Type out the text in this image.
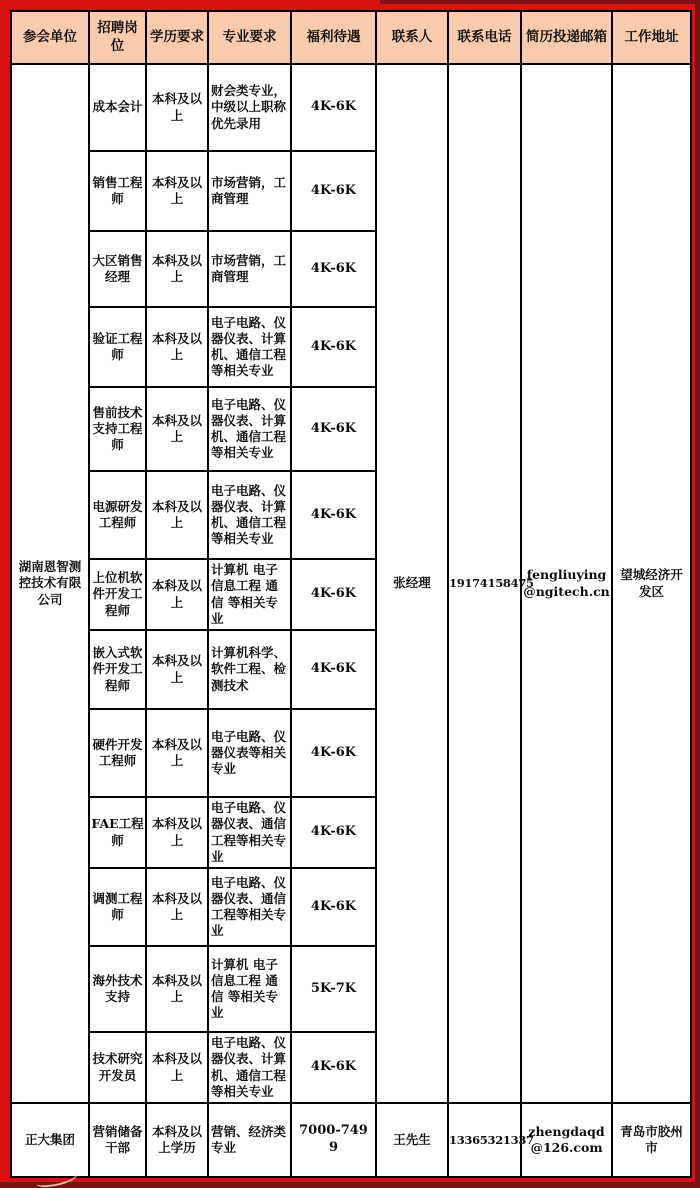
参会单位	招聘岗位	学历要求	专业要求	福利待遇	联系人	联系电话	简历投递邮箱	工作地址
湖南恩智测控技术有限公司	成本会计	本科及以上	财会类专业，中级以上职称优先录用	4K-6K	张经理	19174158475	fengliuying@ngitech.cn	望城经济开发区
	销售工程师	本科及以上	市场营销，工商管理	4K-6K				
	大区销售经理	本科及以上	市场营销，工商管理	4K-6K				
	验证工程师	本科及以上	电子电路、仪器仪表、计算机、通信工程等相关专业	4K-6K				
	售前技术支持工程师	本科及以上	电子电路、仪器仪表、计算机、通信工程等相关专业	4K-6K				
	电源研发工程师	本科及以上	电子电路、仪器仪表、计算机、通信工程等相关专业	4K-6K				
	上位机软件开发工程师	本科及以上	计算机 电子信息工程 通信 等相关专业	4K-6K				
	嵌入式软件开发工程师	本科及以上	计算机科学、软件工程、检测技术	4K-6K				
	硬件开发工程师	本科及以上	电子电路、仪器仪表等相关专业	4K-6K				
	FAE工程师	本科及以上	电子电路、仪器仪表、通信工程等相关专业	4K-6K				
	调测工程师	本科及以上	电子电路、仪器仪表、通信工程等相关专业	4K-6K				
	海外技术支持	本科及以上	计算机 电子信息工程 通信 等相关专业	5K-7K				
	技术研究开发员	本科及以上	电子电路、仪器仪表、计算机、通信工程等相关专业	4K-6K				
正大集团	营销储备干部	本科及以上学历	营销、经济类专业	7000-7499	王先生	13365321337	zhengdaqd@126.com	青岛市胶州市
